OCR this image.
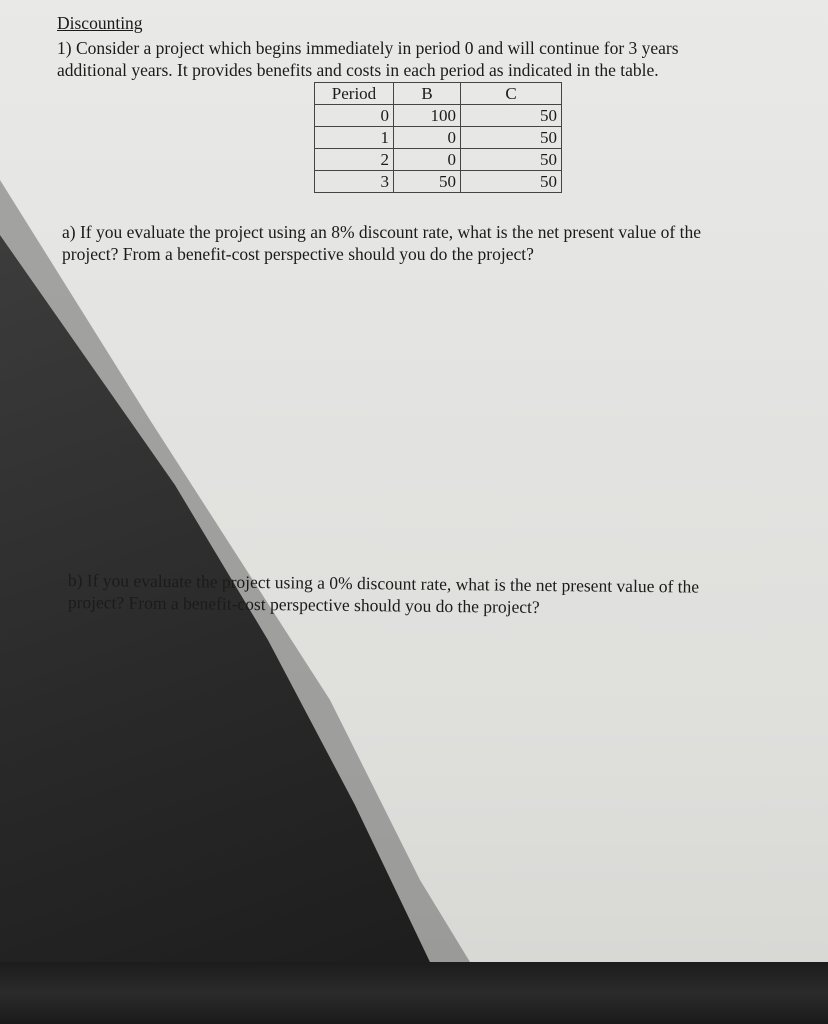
Discounting
1) Consider a project which begins immediately in period 0 and will continue for 3 years
additional years. It provides benefits and costs in each period as indicated in the table.
Period	B	C
0	100	50
1	0	50
2	0	50
3	50	50
a) If you evaluate the project using an 8% discount rate, what is the net present value of the
project? From a benefit-cost perspective should you do the project?
b) If you evaluate the project using a 0% discount rate, what is the net present value of the
project? From a benefit-cost perspective should you do the project?
